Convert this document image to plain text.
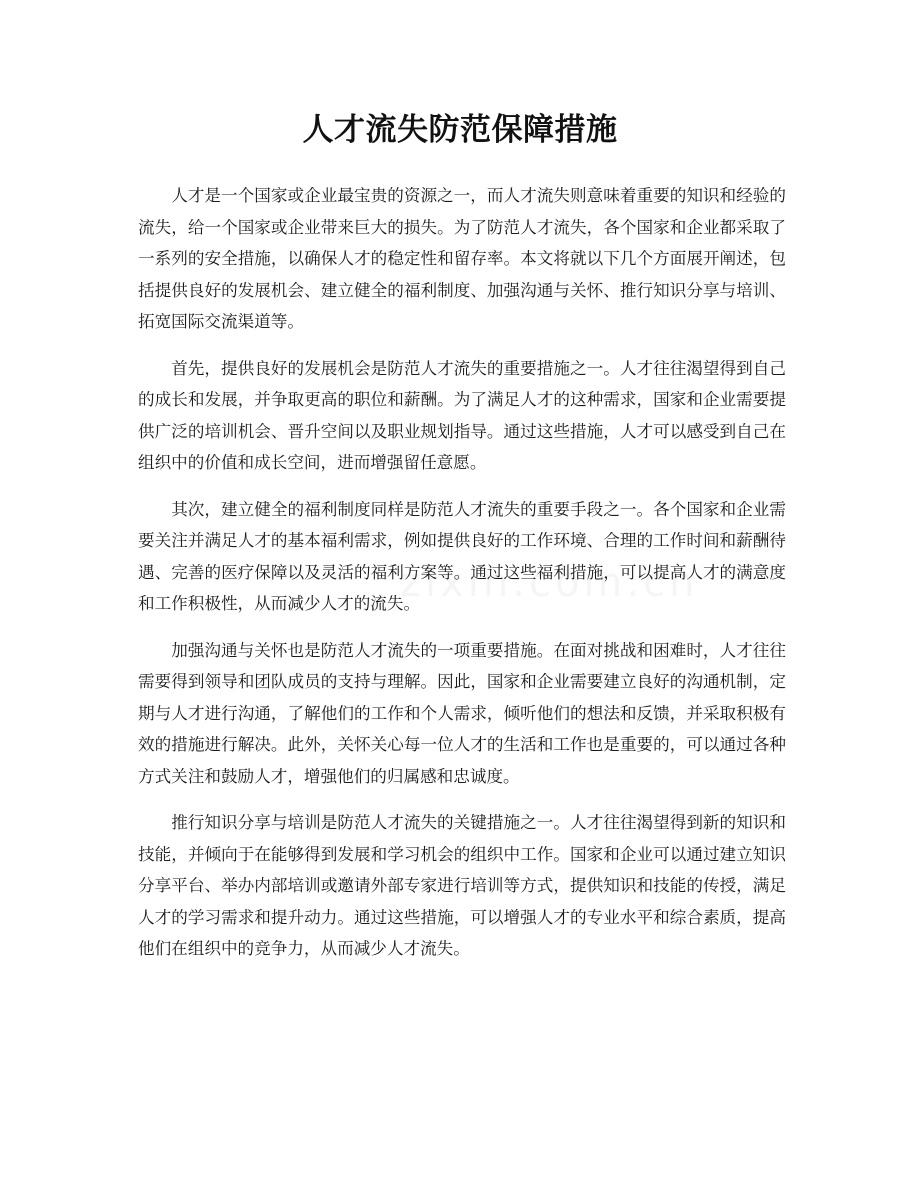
人才流失防范保障措施

人才是一个国家或企业最宝贵的资源之一，而人才流失则意味着重要的知识和经验的流失，给一个国家或企业带来巨大的损失。为了防范人才流失，各个国家和企业都采取了一系列的安全措施，以确保人才的稳定性和留存率。本文将就以下几个方面展开阐述，包括提供良好的发展机会、建立健全的福利制度、加强沟通与关怀、推行知识分享与培训、拓宽国际交流渠道等。

首先，提供良好的发展机会是防范人才流失的重要措施之一。人才往往渴望得到自己的成长和发展，并争取更高的职位和薪酬。为了满足人才的这种需求，国家和企业需要提供广泛的培训机会、晋升空间以及职业规划指导。通过这些措施，人才可以感受到自己在组织中的价值和成长空间，进而增强留任意愿。

其次，建立健全的福利制度同样是防范人才流失的重要手段之一。各个国家和企业需要关注并满足人才的基本福利需求，例如提供良好的工作环境、合理的工作时间和薪酬待遇、完善的医疗保障以及灵活的福利方案等。通过这些福利措施，可以提高人才的满意度和工作积极性，从而减少人才的流失。

加强沟通与关怀也是防范人才流失的一项重要措施。在面对挑战和困难时，人才往往需要得到领导和团队成员的支持与理解。因此，国家和企业需要建立良好的沟通机制，定期与人才进行沟通，了解他们的工作和个人需求，倾听他们的想法和反馈，并采取积极有效的措施进行解决。此外，关怀关心每一位人才的生活和工作也是重要的，可以通过各种方式关注和鼓励人才，增强他们的归属感和忠诚度。

推行知识分享与培训是防范人才流失的关键措施之一。人才往往渴望得到新的知识和技能，并倾向于在能够得到发展和学习机会的组织中工作。国家和企业可以通过建立知识分享平台、举办内部培训或邀请外部专家进行培训等方式，提供知识和技能的传授，满足人才的学习需求和提升动力。通过这些措施，可以增强人才的专业水平和综合素质，提高他们在组织中的竞争力，从而减少人才流失。
